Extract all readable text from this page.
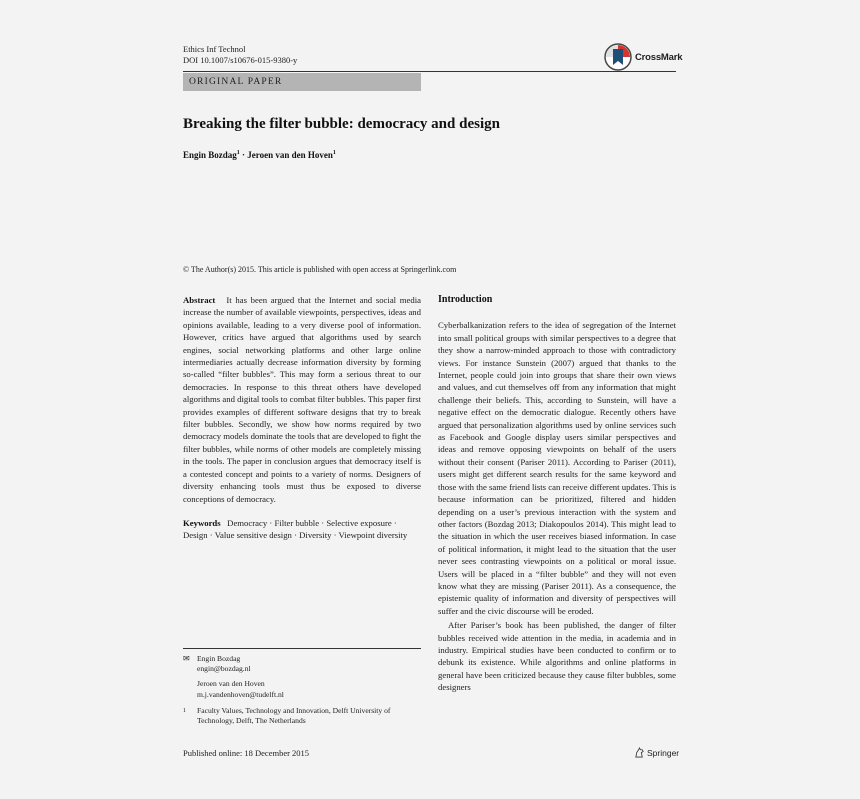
Ethics Inf Technol
DOI 10.1007/s10676-015-9380-y	CrossMark
ORIGINAL PAPER
Breaking the filter bubble: democracy and design
Engin Bozdag$^1$ · Jeroen van den Hoven$^1$
© The Author(s) 2015. This article is published with open access at Springerlink.com

Abstract It has been argued that the Internet and social media increase the number of available viewpoints, perspectives, ideas and opinions available, leading to a very diverse pool of information. However, critics have argued that algorithms used by search engines, social networking platforms and other large online intermediaries actually decrease information diversity by forming so-called “filter bubbles”. This may form a serious threat to our democracies. In response to this threat others have developed algorithms and digital tools to combat filter bubbles. This paper first provides examples of different software designs that try to break filter bubbles. Secondly, we show how norms required by two democracy models dominate the tools that are developed to fight the filter bubbles, while norms of other models are completely missing in the tools. The paper in conclusion argues that democracy itself is a contested concept and points to a variety of norms. Designers of diversity enhancing tools must thus be exposed to diverse conceptions of democracy.

Keywords Democracy · Filter bubble · Selective exposure · Design · Value sensitive design · Diversity · Viewpoint diversity

✉ Engin Bozdag
engin@bozdag.nl
Jeroen van den Hoven
m.j.vandenhoven@tudelft.nl
1	Faculty Values, Technology and Innovation, Delft University of Technology, Delft, The Netherlands
Published online: 18 December 2015	Springer
Introduction

Cyberbalkanization refers to the idea of segregation of the Internet into small political groups with similar perspectives to a degree that they show a narrow-minded approach to those with contradictory views. For instance Sunstein (2007) argued that thanks to the Internet, people could join into groups that share their own views and values, and cut themselves off from any information that might challenge their beliefs. This, according to Sunstein, will have a negative effect on the democratic dialogue. Recently others have argued that personalization algorithms used by online services such as Facebook and Google display users similar perspectives and ideas and remove opposing viewpoints on behalf of the users without their consent (Pariser 2011). According to Pariser (2011), users might get different search results for the same keyword and those with the same friend lists can receive different updates. This is because information can be prioritized, filtered and hidden depending on a user’s previous interaction with the system and other factors (Bozdag 2013; Diakopoulos 2014). This might lead to the situation in which the user receives biased information. In case of political information, it might lead to the situation that the user never sees contrasting viewpoints on a political or moral issue. Users will be placed in a “filter bubble” and they will not even know what they are missing (Pariser 2011). As a consequence, the epistemic quality of information and diversity of perspectives will suffer and the civic discourse will be eroded.

After Pariser’s book has been published, the danger of filter bubbles received wide attention in the media, in academia and in industry. Empirical studies have been conducted to confirm or to debunk its existence. While algorithms and online platforms in general have been criticized because they cause filter bubbles, some designers
